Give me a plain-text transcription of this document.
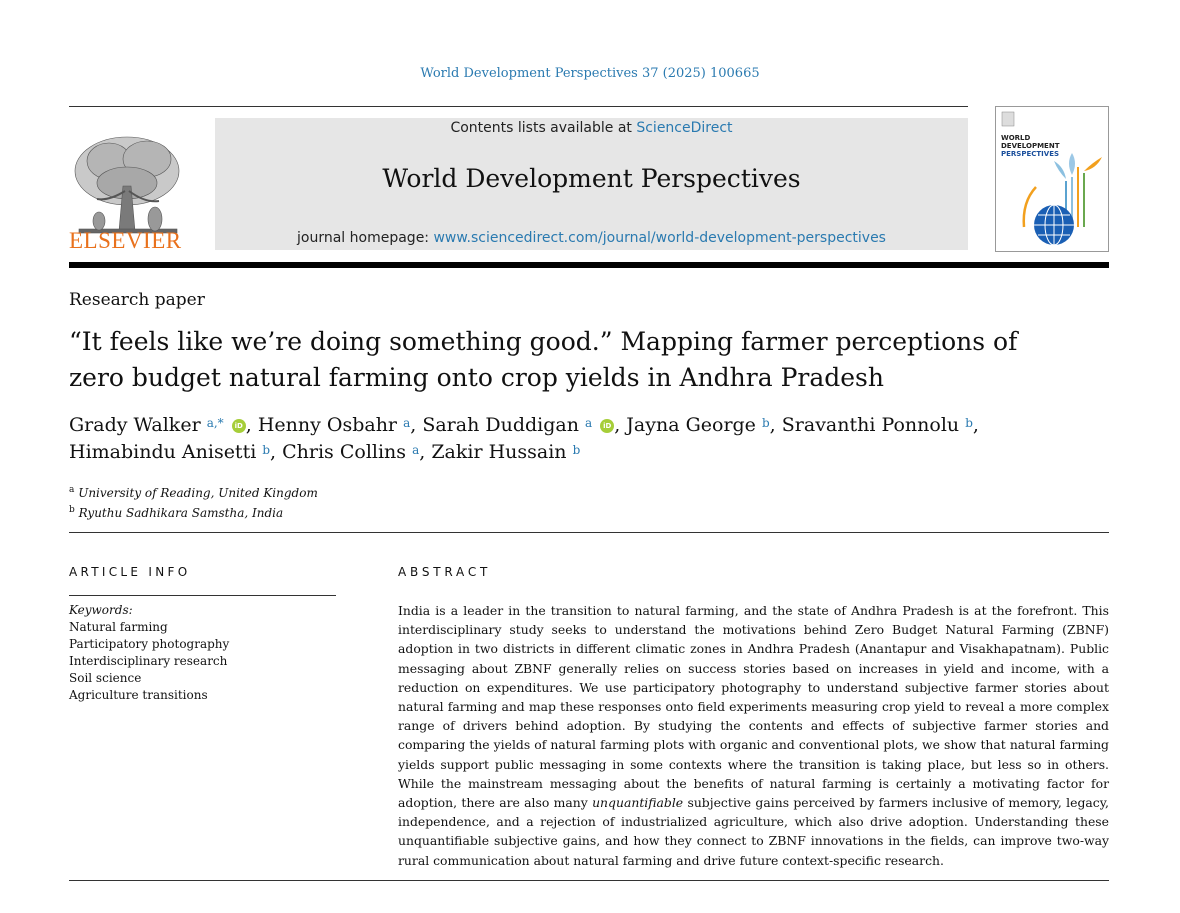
World Development Perspectives 37 (2025) 100665
ELSEVIER
Contents lists available at ScienceDirect
World Development Perspectives
journal homepage: www.sciencedirect.com/journal/world-development-perspectives
WORLD
DEVELOPMENT
PERSPECTIVES
Research paper
“It feels like we’re doing something good.” Mapping farmer perceptions of
zero budget natural farming onto crop yields in Andhra Pradesh
Grady Walker $^{a,*}$ iD , Henny Osbahr $^a$, Sarah Duddigan $^a$ iD , Jayna George $^b$, Sravanthi Ponnolu $^b$,
Himabindu Anisetti $^b$, Chris Collins $^a$, Zakir Hussain $^b$
$^a$ University of Reading, United Kingdom
$^b$ Ryuthu Sadhikara Samstha, India
ARTICLE INFO
Keywords:
Natural farming
Participatory photography
Interdisciplinary research
Soil science
Agriculture transitions
ABSTRACT
India is a leader in the transition to natural farming, and the state of Andhra Pradesh is at the forefront. This interdisciplinary study seeks to understand the motivations behind Zero Budget Natural Farming (ZBNF) adoption in two districts in different climatic zones in Andhra Pradesh (Anantapur and Visakhapatnam). Public messaging about ZBNF generally relies on success stories based on increases in yield and income, with a reduction on expenditures. We use participatory photography to understand subjective farmer stories about natural farming and map these responses onto field experiments measuring crop yield to reveal a more complex range of drivers behind adoption. By studying the contents and effects of subjective farmer stories and comparing the yields of natural farming plots with organic and conventional plots, we show that natural farming yields support public messaging in some contexts where the transition is taking place, but less so in others. While the mainstream messaging about the benefits of natural farming is certainly a motivating factor for adoption, there are also many unquantifiable subjective gains perceived by farmers inclusive of memory, legacy, independence, and a rejection of industrialized agriculture, which also drive adoption. Understanding these unquantifiable subjective gains, and how they connect to ZBNF innovations in the fields, can improve two-way rural communication about natural farming and drive future context-specific research.
